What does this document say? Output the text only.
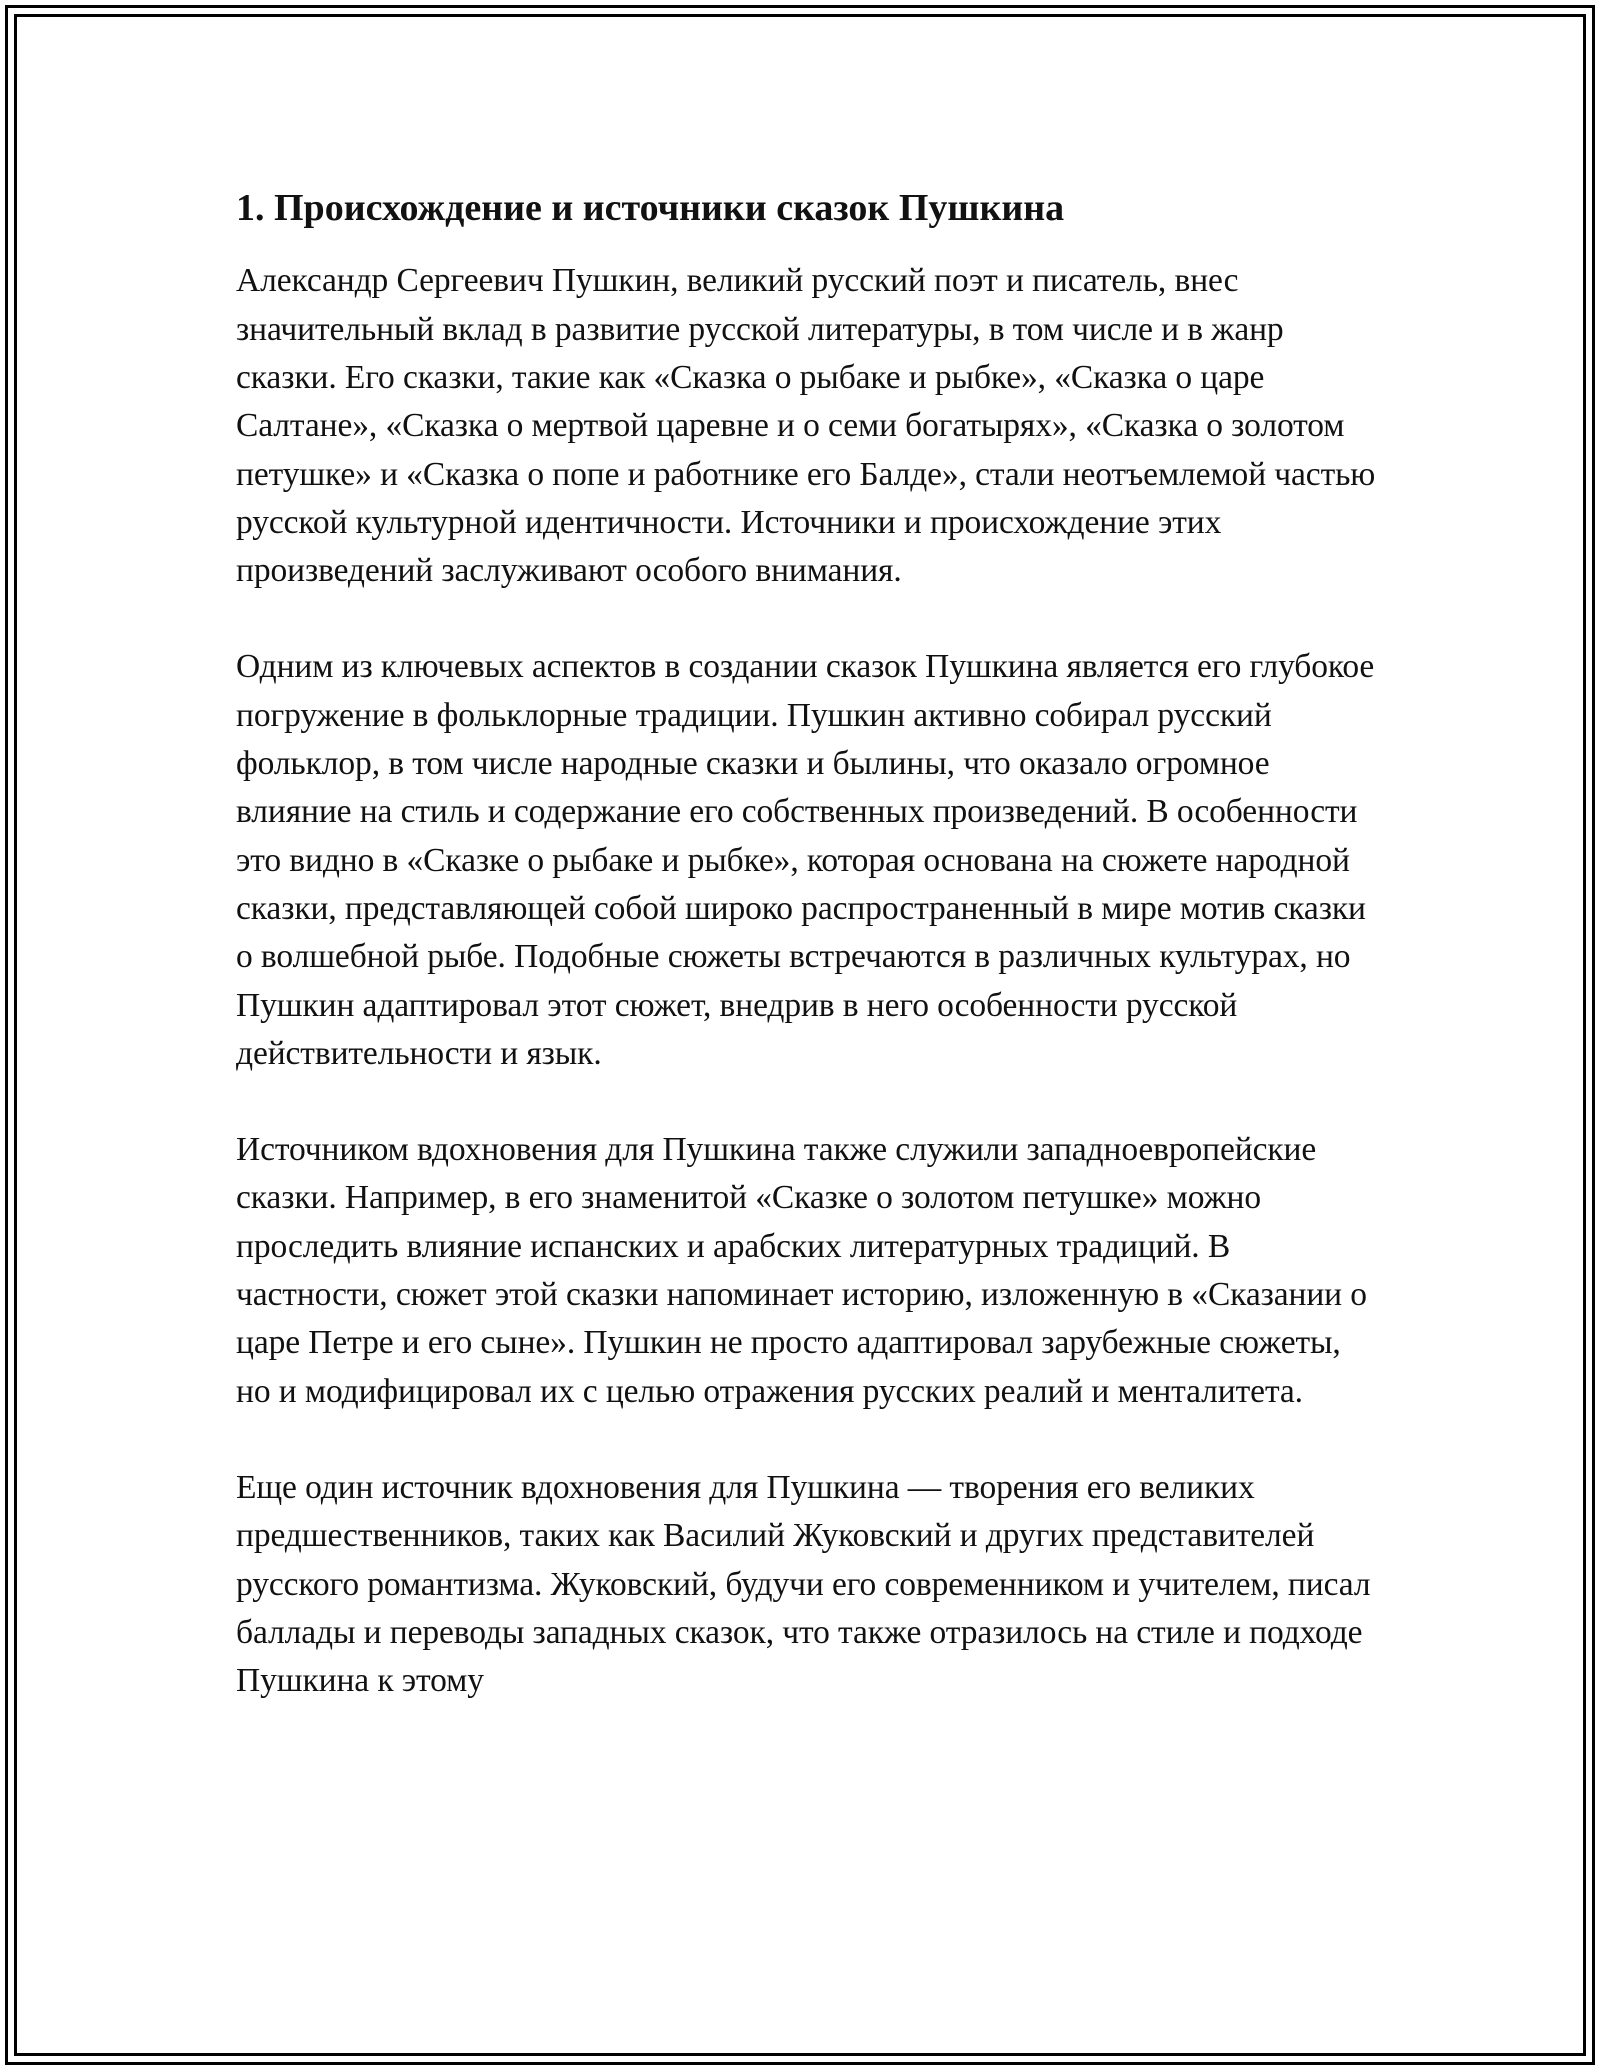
1. Происхождение и источники сказок Пушкина

Александр Сергеевич Пушкин, великий русский поэт и писатель, внес значительный вклад в развитие русской литературы, в том числе и в жанр сказки. Его сказки, такие как «Сказка о рыбаке и рыбке», «Сказка о царе Салтане», «Сказка о мертвой царевне и о семи богатырях», «Сказка о золотом петушке» и «Сказка о попе и работнике его Балде», стали неотъемлемой частью русской культурной идентичности. Источники и происхождение этих произведений заслуживают особого внимания.

Одним из ключевых аспектов в создании сказок Пушкина является его глубокое погружение в фольклорные традиции. Пушкин активно собирал русский фольклор, в том числе народные сказки и былины, что оказало огромное влияние на стиль и содержание его собственных произведений. В особенности это видно в «Сказке о рыбаке и рыбке», которая основана на сюжете народной сказки, представляющей собой широко распространенный в мире мотив сказки о волшебной рыбе. Подобные сюжеты встречаются в различных культурах, но Пушкин адаптировал этот сюжет, внедрив в него особенности русской действительности и язык.

Источником вдохновения для Пушкина также служили западноевропейские сказки. Например, в его знаменитой «Сказке о золотом петушке» можно проследить влияние испанских и арабских литературных традиций. В частности, сюжет этой сказки напоминает историю, изложенную в «Сказании о царе Петре и его сыне». Пушкин не просто адаптировал зарубежные сюжеты, но и модифицировал их с целью отражения русских реалий и менталитета.

Еще один источник вдохновения для Пушкина — творения его великих предшественников, таких как Василий Жуковский и других представителей русского романтизма. Жуковский, будучи его современником и учителем, писал баллады и переводы западных сказок, что также отразилось на стиле и подходе Пушкина к этому
